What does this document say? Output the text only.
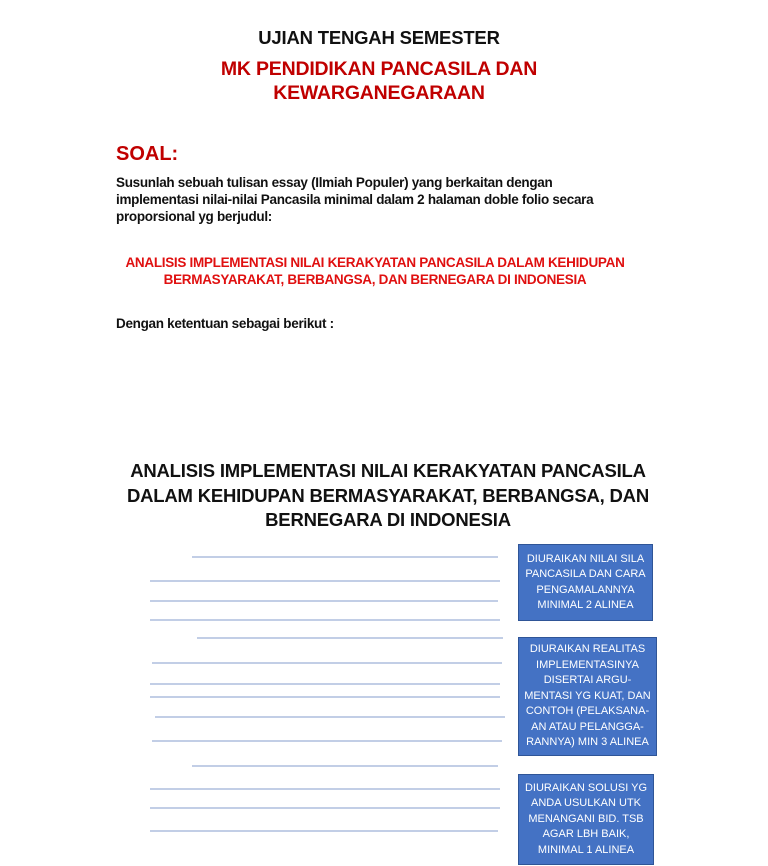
UJIAN TENGAH SEMESTER
MK PENDIDIKAN PANCASILA DAN KEWARGANEGARAAN
SOAL:
Susunlah sebuah tulisan essay (Ilmiah Populer) yang berkaitan dengan implementasi nilai-nilai Pancasila minimal dalam 2 halaman doble folio secara proporsional yg berjudul:
ANALISIS IMPLEMENTASI NILAI KERAKYATAN PANCASILA DALAM KEHIDUPAN BERMASYARAKAT, BERBANGSA, DAN BERNEGARA DI INDONESIA
Dengan ketentuan sebagai berikut :
ANALISIS IMPLEMENTASI NILAI KERAKYATAN PANCASILA DALAM KEHIDUPAN BERMASYARAKAT, BERBANGSA, DAN BERNEGARA DI INDONESIA
DIURAIKAN NILAI SILA PANCASILA DAN CARA PENGAMALANNYA MINIMAL 2 ALINEA
DIURAIKAN REALITAS IMPLEMENTASINYA DISERTAI ARGU-MENTASI YG KUAT, DAN CONTOH (PELAKSANA-AN ATAU PELANGGA-RANNYA) MIN 3 ALINEA
DIURAIKAN SOLUSI YG ANDA USULKAN UTK MENANGANI BID. TSB AGAR LBH BAIK, MINIMAL 1 ALINEA
